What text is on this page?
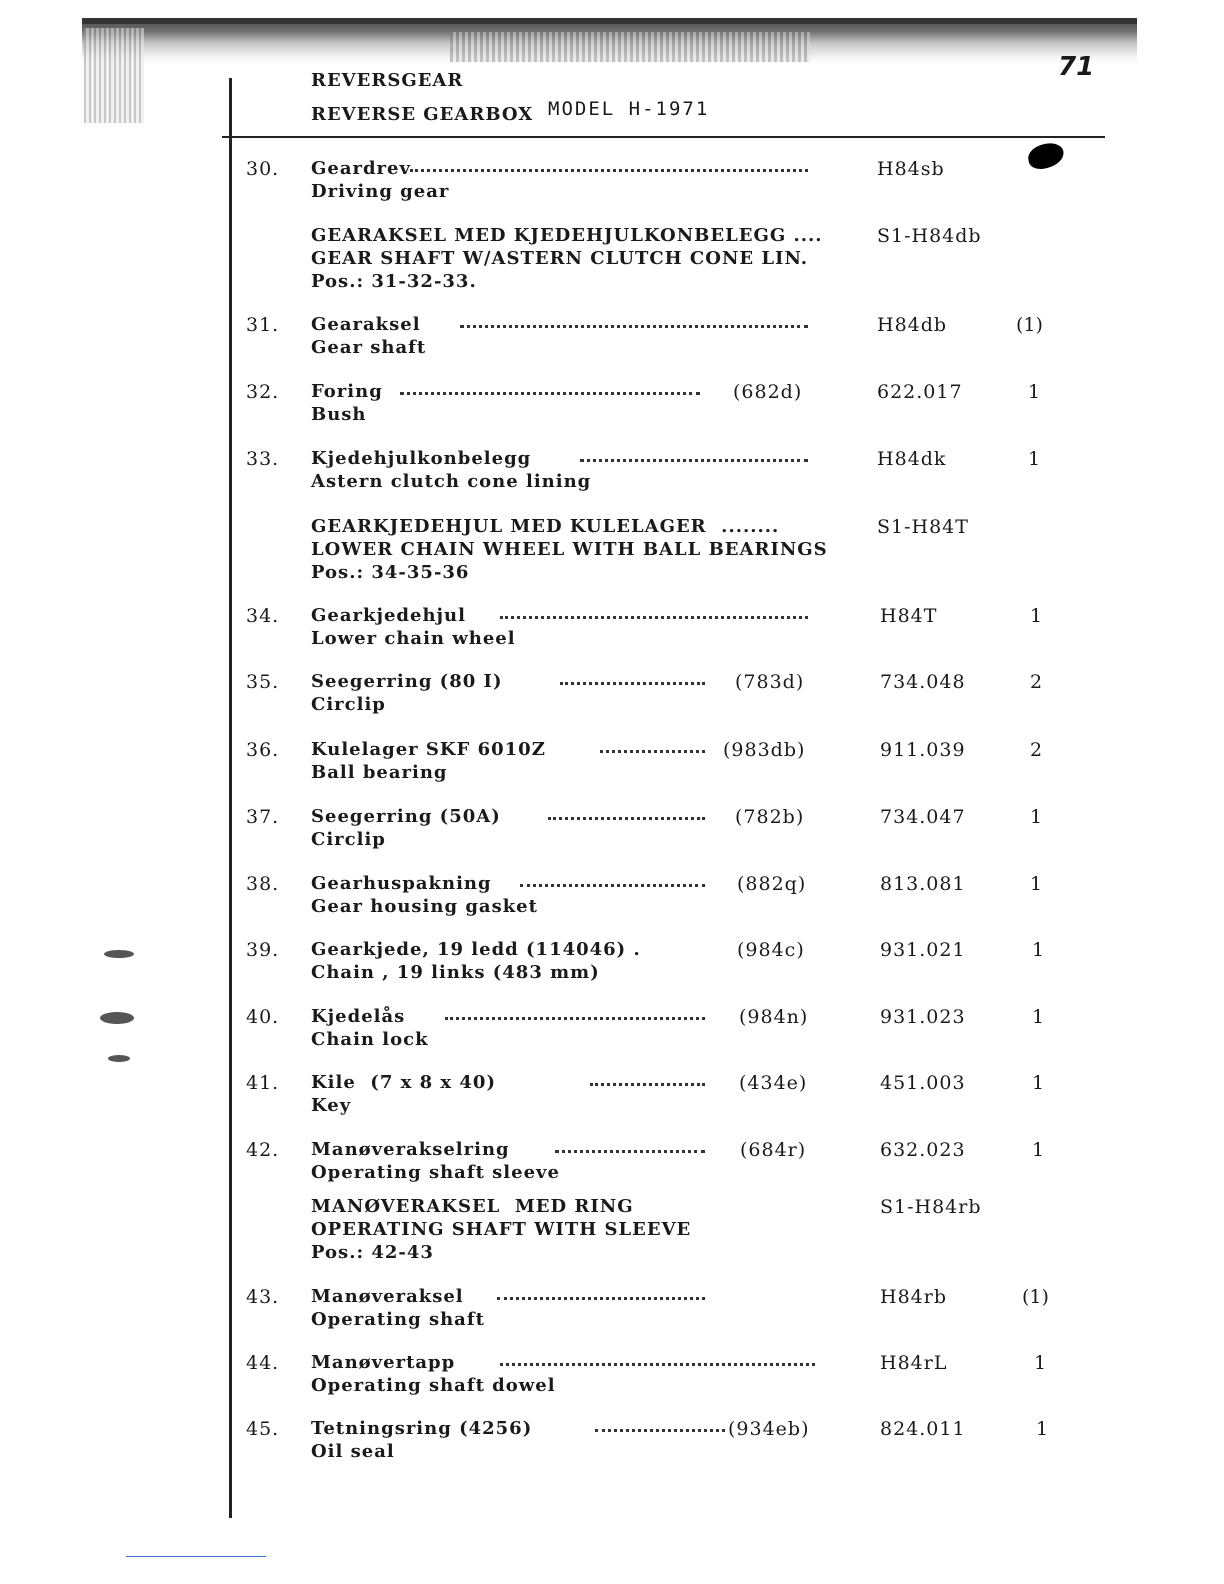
REVERSGEAR
REVERSE GEARBOX MODEL H-1971
71
30. Geardrev
Driving gear
H84sb
GEARAKSEL MED KJEDEHJULKONBELEGG ....
GEAR SHAFT W/ASTERN CLUTCH CONE LIN.
Pos.: 31-32-33.
S1-H84db
31. Gearaksel
Gear shaft
H84db	(1)
32. Foring
Bush
(682d)	622.017	1
33. Kjedehjulkonbelegg
Astern clutch cone lining
H84dk	1
GEARKJEDEHJUL MED KULELAGER  ........
LOWER CHAIN WHEEL WITH BALL BEARINGS
Pos.: 34-35-36
S1-H84T
34. Gearkjedehjul
Lower chain wheel
H84T	1
35. Seegerring (80 I)
Circlip
(783d)	734.048	2
36. Kulelager SKF 6010Z
Ball bearing
(983db)	911.039	2
37. Seegerring (50A)
Circlip
(782b)	734.047	1
38. Gearhuspakning
Gear housing gasket
(882q)	813.081	1
39. Gearkjede, 19 ledd (114046) .
Chain , 19 links (483 mm)
(984c)	931.021	1
40. Kjedelås
Chain lock
(984n)	931.023	1
41. Kile  (7 x 8 x 40)
Key
(434e)	451.003	1
42. Manøverakselring
Operating shaft sleeve
(684r)	632.023	1
MANØVERAKSEL  MED RING
OPERATING SHAFT WITH SLEEVE
Pos.: 42-43
S1-H84rb
43. Manøveraksel
Operating shaft
H84rb	(1)
44. Manøvertapp
Operating shaft dowel
H84rL	1
45. Tetningsring (4256)
Oil seal
(934eb)	824.011	1
